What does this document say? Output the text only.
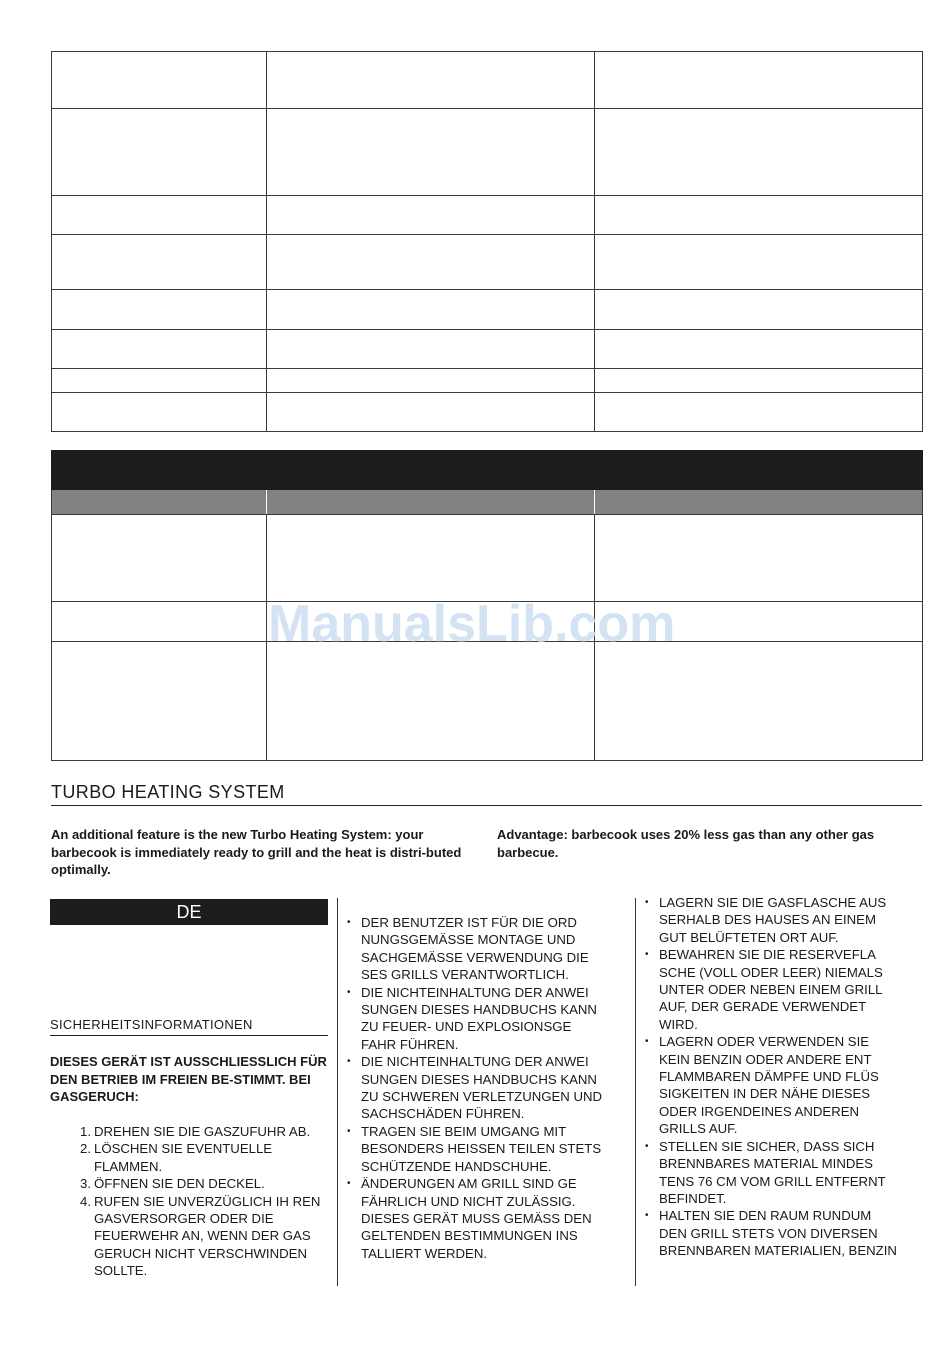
ManualsLib.com
TURBO HEATING SYSTEM
An additional feature is the new Turbo Heating System: your barbecook is immediately ready to grill and the heat is distri-buted optimally.
Advantage: barbecook uses 20% less gas than any other gas barbecue.
DE
SICHERHEITSINFORMATIONEN
DIESES GERÄT IST AUSSCHLIESSLICH FÜR DEN BETRIEB IM FREIEN BE-STIMMT. BEI GASGERUCH:
1. DREHEN SIE DIE GASZUFUHR AB.
2. LÖSCHEN SIE EVENTUELLE FLAMMEN.
3. ÖFFNEN SIE DEN DECKEL.
4. RUFEN SIE UNVERZÜGLICH IH REN GASVERSORGER ODER DIE FEUERWEHR AN, WENN DER GAS GERUCH NICHT VERSCHWINDEN SOLLTE.
• DER BENUTZER IST FÜR DIE ORD
NUNGSGEMÄSSE MONTAGE UND
SACHGEMÄSSE VERWENDUNG DIE
SES GRILLS VERANTWORTLICH.
• DIE NICHTEINHALTUNG DER ANWEI
SUNGEN DIESES HANDBUCHS KANN
ZU FEUER- UND EXPLOSIONSGE
FAHR FÜHREN.
• DIE NICHTEINHALTUNG DER ANWEI
SUNGEN DIESES HANDBUCHS KANN
ZU SCHWEREN VERLETZUNGEN UND
SACHSCHÄDEN FÜHREN.
• TRAGEN SIE BEIM UMGANG MIT
BESONDERS HEISSEN TEILEN STETS
SCHÜTZENDE HANDSCHUHE.
• ÄNDERUNGEN AM GRILL SIND GE
FÄHRLICH UND NICHT ZULÄSSIG.
DIESES GERÄT MUSS GEMÄSS DEN
GELTENDEN BESTIMMUNGEN INS
TALLIERT WERDEN.
• LAGERN SIE DIE GASFLASCHE AUS
SERHALB DES HAUSES AN EINEM
GUT BELÜFTETEN ORT AUF.
• BEWAHREN SIE DIE RESERVEFLA
SCHE (VOLL ODER LEER) NIEMALS
UNTER ODER NEBEN EINEM GRILL
AUF, DER GERADE VERWENDET
WIRD.
• LAGERN ODER VERWENDEN SIE
KEIN BENZIN ODER ANDERE ENT
FLAMMBAREN DÄMPFE UND FLÜS
SIGKEITEN IN DER NÄHE DIESES
ODER IRGENDEINES ANDEREN
GRILLS AUF.
• STELLEN SIE SICHER, DASS SICH
BRENNBARES MATERIAL MINDES
TENS 76 CM VOM GRILL ENTFERNT
BEFINDET.
• HALTEN SIE DEN RAUM RUNDUM
DEN GRILL STETS VON DIVERSEN
BRENNBAREN MATERIALIEN, BENZIN
